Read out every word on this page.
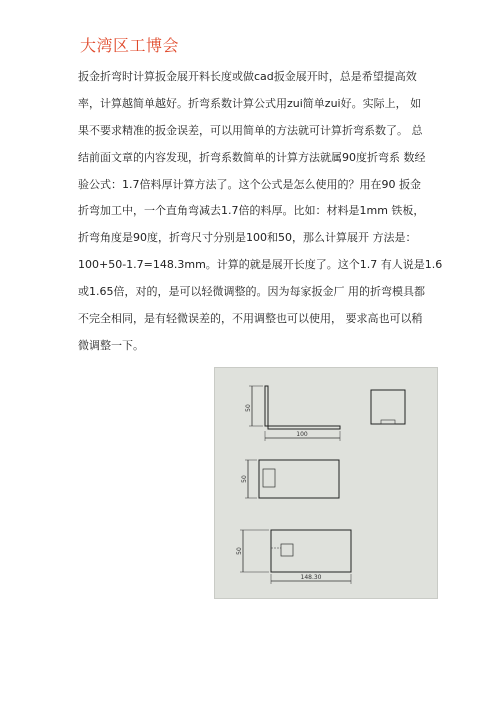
大湾区工博会
扳金折弯时计算扳金展开料长度或做cad扳金展开时，总是希望提高效
率，计算越简单越好。折弯系数计算公式用zui简单zui好。实际上， 如
果不要求精准的扳金误差，可以用简单的方法就可计算折弯系数了。 总
结前面文章的内容发现，折弯系数简单的计算方法就属90度折弯系 数经
验公式：1.7倍料厚计算方法了。这个公式是怎么使用的？用在90 扳金
折弯加工中，一个直角弯减去1.7倍的料厚。比如：材料是1mm 铁板，
折弯角度是90度，折弯尺寸分别是100和50，那么计算展开 方法是：
100+50-1.7=148.3mm。计算的就是展开长度了。这个1.7 有人说是1.6
或1.65倍，对的，是可以轻微调整的。因为每家扳金厂 用的折弯模具都
不完全相同，是有轻微误差的，不用调整也可以使用， 要求高也可以稍
微调整一下。
50
100
50
50
148.30
